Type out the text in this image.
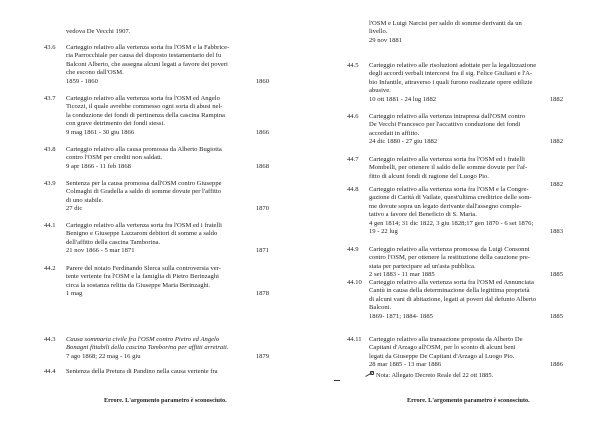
vedova De Vecchi 1907.
43.6 Carteggio relativo alla vertenza sorta fra l'OSM e la Fabbrice-
ria Parrocchiale per causa del disposto testamentario del fu
Balconi Alberto, che assegna alcuni legati a favore dei poveri
che escono dall'OSM.
1859 - 1860	1860
43.7 Carteggio relativo alla vertenza sorta fra l'OSM ed Angelo
Ticozzi, il quale avrebbe commesso ogni sorta di abusi nel-
la conduzione dei fondi di pertinenza della cascina Rampina
con grave detrimento dei fondi stessi.
9 mag 1861 - 30 giu 1866	1866
43.8 Carteggio relativo alla causa promossa da Alberto Bugiotta
contro l'OSM per crediti non saldati.
9 apr 1866 - 11 feb 1868	1868
43.9 Sentenza per la causa promossa dall'OSM contro Giuseppe
Colmaghi di Gradella a saldo di somme dovute per l'affitto
di uno stabile.
27 dic	1870
44.1 Carteggio relativo alla vertenza sorta fra l'OSM ed i fratelli
Benigno e Giuseppe Lazzarom debitori di somme a saldo
dell'affitto della cascina Tamborina.
21 nov 1866 - 5 mar 1871	1871
44.2 Parere del notaio Ferdinando Slerca sulla controversia ver-
tente vertente fra l'OSM e la famiglia di Pietro Berinzaghi
circa la sostanza relitta da Giuseppe Maria Berinzaghi.
1 mag	1878
44.3 Causa sommaria civile fra l'OSM contro Pietro ed Angelo
Bonagni fittabili della cascina Tamborina per affitti arretrati.
7 ago 1868; 22 mag - 16 giu	1879
44.4 Sentenza della Pretura di Pandino nella causa vertente fra
Errore. L'argomento parametro è sconosciuto.
l'OSM e Luigi Narcisi per saldo di somme derivanti da un
livello.
29 nov 1881
44.5 Carteggio relativo alle risoluzioni adottate per la legalizzazione
degli accordi verbali intercorsi fra il sig. Felice Giuliani e l'A-
bio Infantile, attraverso i quali furono realizzate opere edilizie
abusive.
10 ott 1881 - 24 lug 1882	1882
44.6 Carteggio relativo alla vertenza intrapresa dall'OSM contro
De Vecchi Francesco per l'accattivo conduzione dei fondi
accordati in affitto.
24 dic 1880 - 27 giu 1882	1882
44.7 Carteggio relativo alla vertenza sorta fra l'OSM ed i fratelli
Mombelli, per ottenere il saldo delle somme dovute per l'af-
fitto di alcuni fondi di ragione del Luogo Pio.
1882
44.8 Carteggio relativo alla vertenza sorta fra l'OSM e la Congre-
gazione di Carità di Vailate, quest'ultima creditrice delle som-
me dovute sopra un legato derivante dall'assegno comple-
tativo a favore del Beneficio di S. Maria.
4 gen 1814; 31 dic 1822, 3 giu 1828;17 gen 1870 - 6 set 1876;
19 - 22 lug	1883
44.9 Carteggio relativo alla vertenza promossa da Luigi Consonni
contro l'OSM, per ottenere la restituzione della cauzione pre-
stata per partecipare ad un'asta pubblica.
2 set 1883 - 11 mar 1885	1885
44.10 Carteggio relativo alla vertenza sorta fra l'OSM ed Annunciata
Cantù in causa della determinazione della legittima proprietà
di alcuni vani di abitazione, legati ai poveri dal defunto Alberto
Balconi.
1869- 1871; 1884- 1885	1885
44.11 Carteggio relativo alla transazione proposta da Alberto De
Capitani d'Arzago all'OSM, per lo sconto di alcuni beni
legati da Giuseppe De Capitani d'Arzago al Luogo Pio.
28 mar 1885 - 13 mar 1886	1886
Nota: Allegato Decreto Reale del 22 ott 1885.
Errore. L'argomento parametro è sconosciuto.
